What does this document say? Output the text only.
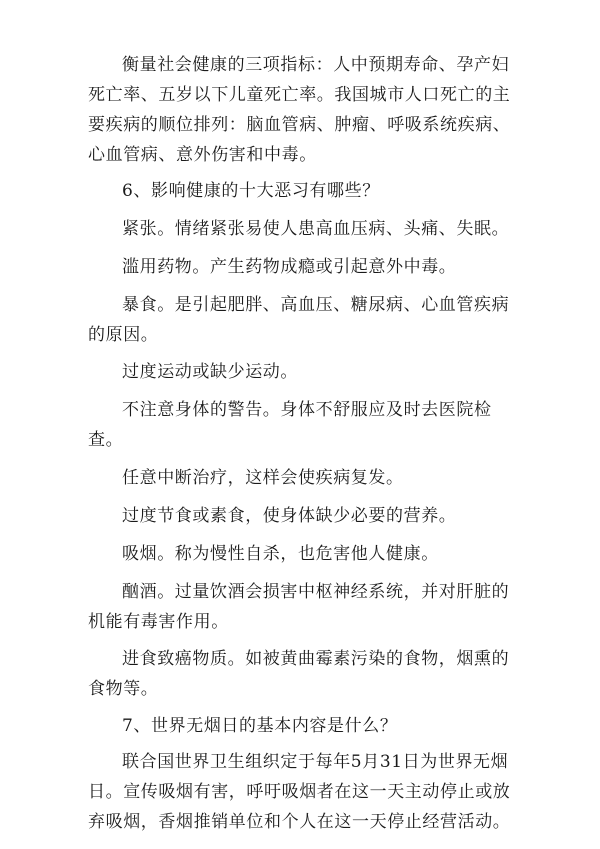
衡量社会健康的三项指标：人中预期寿命、孕产妇死亡率、五岁以下儿童死亡率。我国城市人口死亡的主要疾病的顺位排列：脑血管病、肿瘤、呼吸系统疾病、心血管病、意外伤害和中毒。

6、影响健康的十大恶习有哪些？

紧张。情绪紧张易使人患高血压病、头痛、失眠。

滥用药物。产生药物成瘾或引起意外中毒。

暴食。是引起肥胖、高血压、糖尿病、心血管疾病的原因。

过度运动或缺少运动。

不注意身体的警告。身体不舒服应及时去医院检查。

任意中断治疗，这样会使疾病复发。

过度节食或素食，使身体缺少必要的营养。

吸烟。称为慢性自杀，也危害他人健康。

酗酒。过量饮酒会损害中枢神经系统，并对肝脏的机能有毒害作用。

进食致癌物质。如被黄曲霉素污染的食物，烟熏的食物等。

7、世界无烟日的基本内容是什么？

联合国世界卫生组织定于每年5月31日为世界无烟日。宣传吸烟有害，呼吁吸烟者在这一天主动停止或放弃吸烟，香烟推销单位和个人在这一天停止经营活动。
